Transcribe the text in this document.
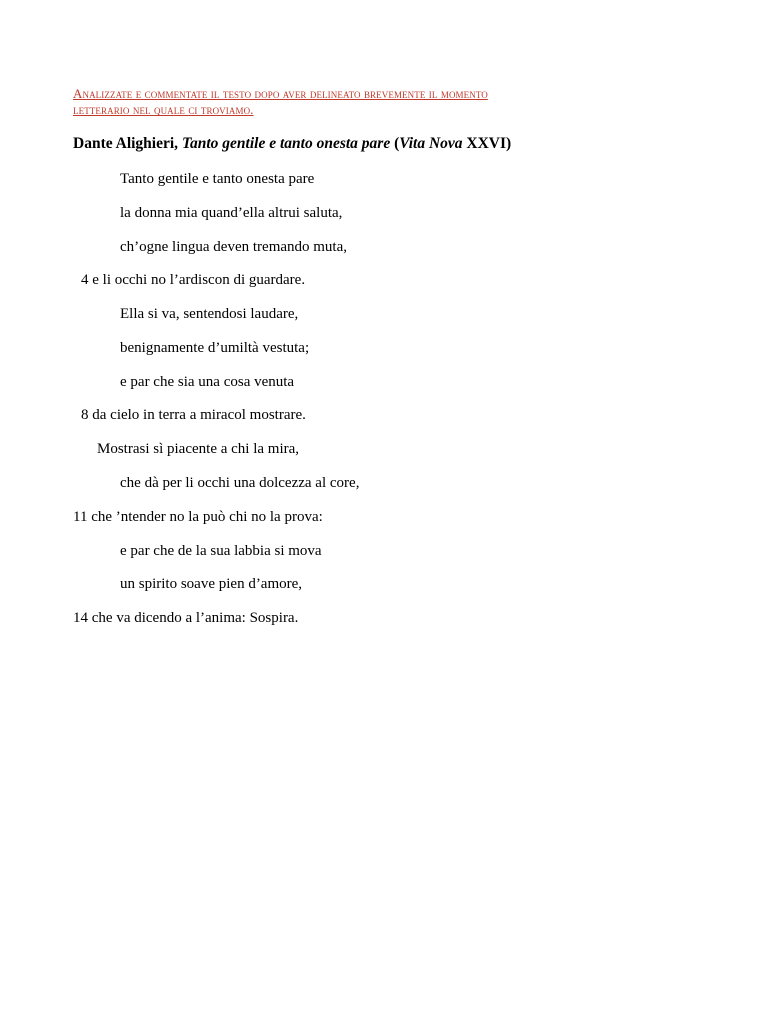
Analizzate e commentate il testo dopo aver delineato brevemente il momento
letterario nel quale ci troviamo.
Dante Alighieri, Tanto gentile e tanto onesta pare (Vita Nova XXVI)
Tanto gentile e tanto onesta pare
la donna mia quand’ella altrui saluta,
ch’ogne lingua deven tremando muta,
4 e li occhi no l’ardiscon di guardare.
Ella si va, sentendosi laudare,
benignamente d’umiltà vestuta;
e par che sia una cosa venuta
8 da cielo in terra a miracol mostrare.
Mostrasi sì piacente a chi la mira,
che dà per li occhi una dolcezza al core,
11 che ’ntender no la può chi no la prova:
e par che de la sua labbia si mova
un spirito soave pien d’amore,
14 che va dicendo a l’anima: Sospira.
